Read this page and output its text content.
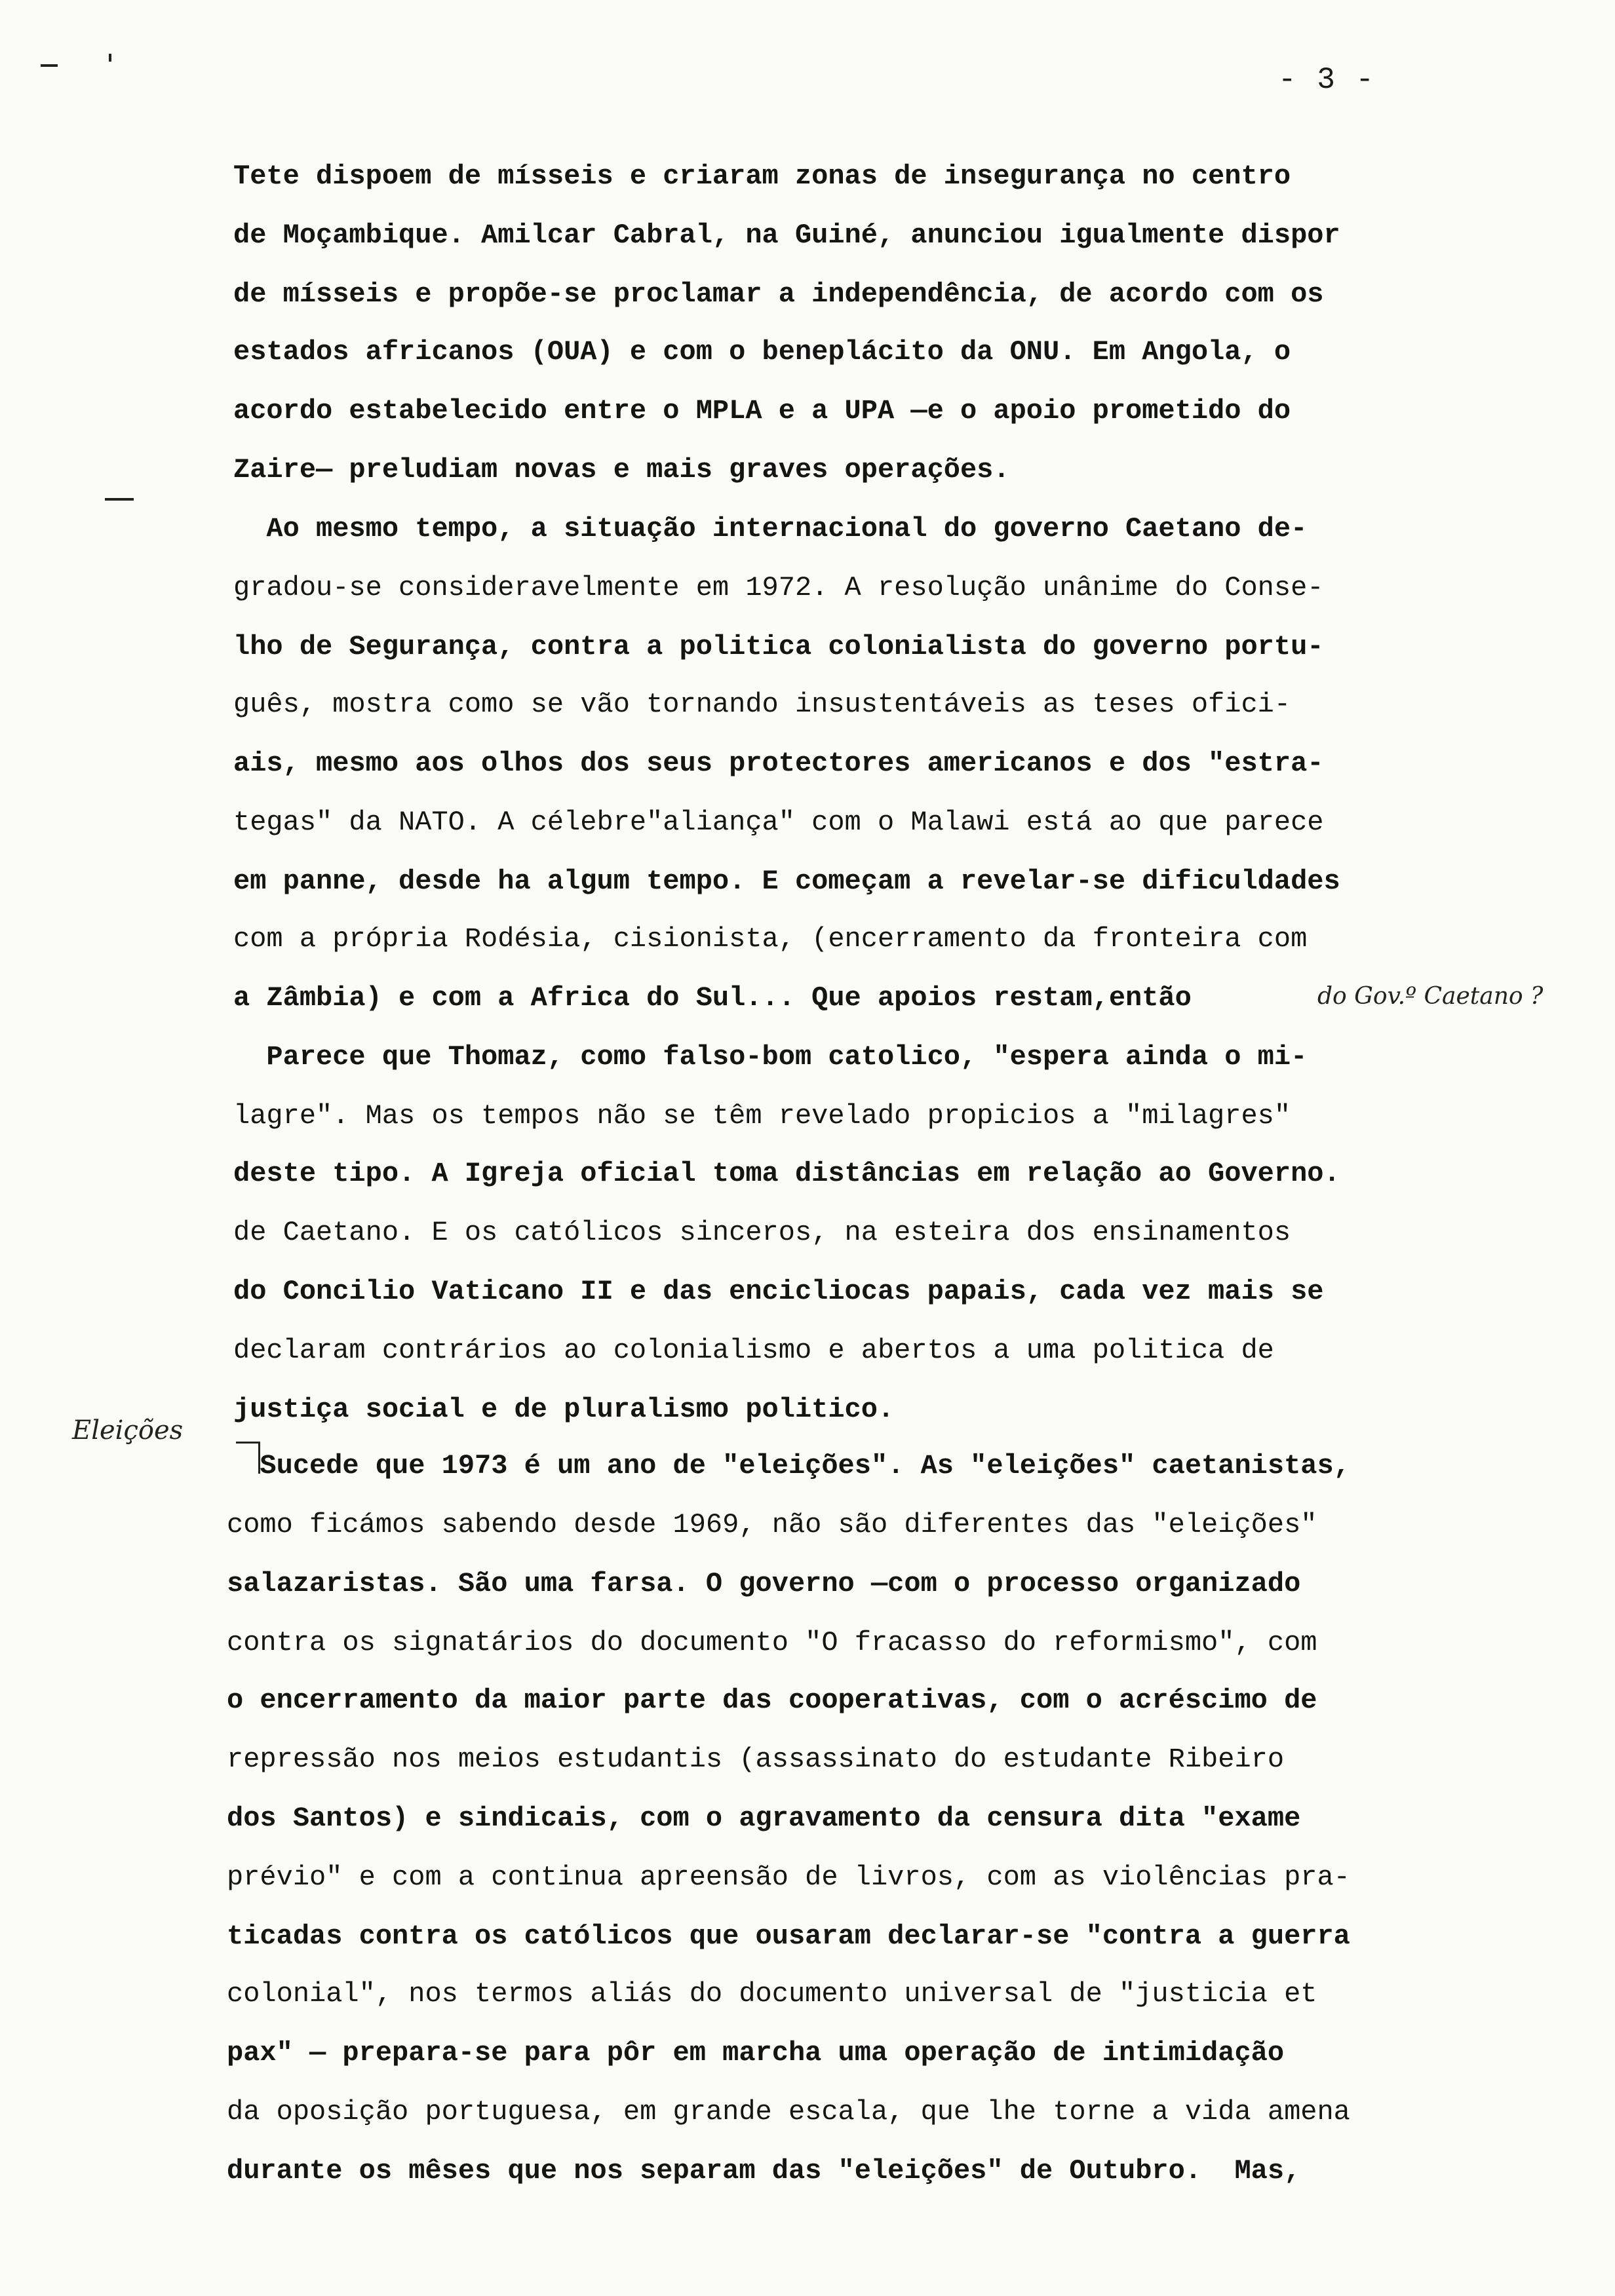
- 3 -
Tete dispoem de mísseis e criaram zonas de insegurança no centro
de Moçambique. Amilcar Cabral, na Guiné, anunciou igualmente dispor
de mísseis e propõe-se proclamar a independência, de acordo com os
estados africanos (OUA) e com o beneplácito da ONU. Em Angola, o
acordo estabelecido entre o MPLA e a UPA —e o apoio prometido do
Zaire— preludiam novas e mais graves operações.
Ao mesmo tempo, a situação internacional do governo Caetano de-
gradou-se consideravelmente em 1972. A resolução unânime do Conse-
lho de Segurança, contra a politica colonialista do governo portu-
guês, mostra como se vão tornando insustentáveis as teses ofici-
ais, mesmo aos olhos dos seus protectores americanos e dos "estra-
tegas" da NATO. A célebre"aliança" com o Malawi está ao que parece
em panne, desde ha algum tempo. E começam a revelar-se dificuldades
com a própria Rodésia, cisionista, (encerramento da fronteira com
a Zâmbia) e com a Africa do Sul... Que apoios restam,então
Parece que Thomaz, como falso-bom catolico, "espera ainda o mi-
lagre". Mas os tempos não se têm revelado propicios a "milagres"
deste tipo. A Igreja oficial toma distâncias em relação ao Governo.
de Caetano. E os católicos sinceros, na esteira dos ensinamentos
do Concilio Vaticano II e das encicliocas papais, cada vez mais se
declaram contrários ao colonialismo e abertos a uma politica de
justiça social e de pluralismo politico.
Sucede que 1973 é um ano de "eleições". As "eleições" caetanistas,
como ficámos sabendo desde 1969, não são diferentes das "eleições"
salazaristas. São uma farsa. O governo —com o processo organizado
contra os signatários do documento "O fracasso do reformismo", com
o encerramento da maior parte das cooperativas, com o acréscimo de
repressão nos meios estudantis (assassinato do estudante Ribeiro
dos Santos) e sindicais, com o agravamento da censura dita "exame
prévio" e com a continua apreensão de livros, com as violências pra-
ticadas contra os católicos que ousaram declarar-se "contra a guerra
colonial", nos termos aliás do documento universal de "justicia et
pax" — prepara-se para pôr em marcha uma operação de intimidação
da oposição portuguesa, em grande escala, que lhe torne a vida amena
durante os mêses que nos separam das "eleições" de Outubro.  Mas,
do Gov.º Caetano ?
Eleições
